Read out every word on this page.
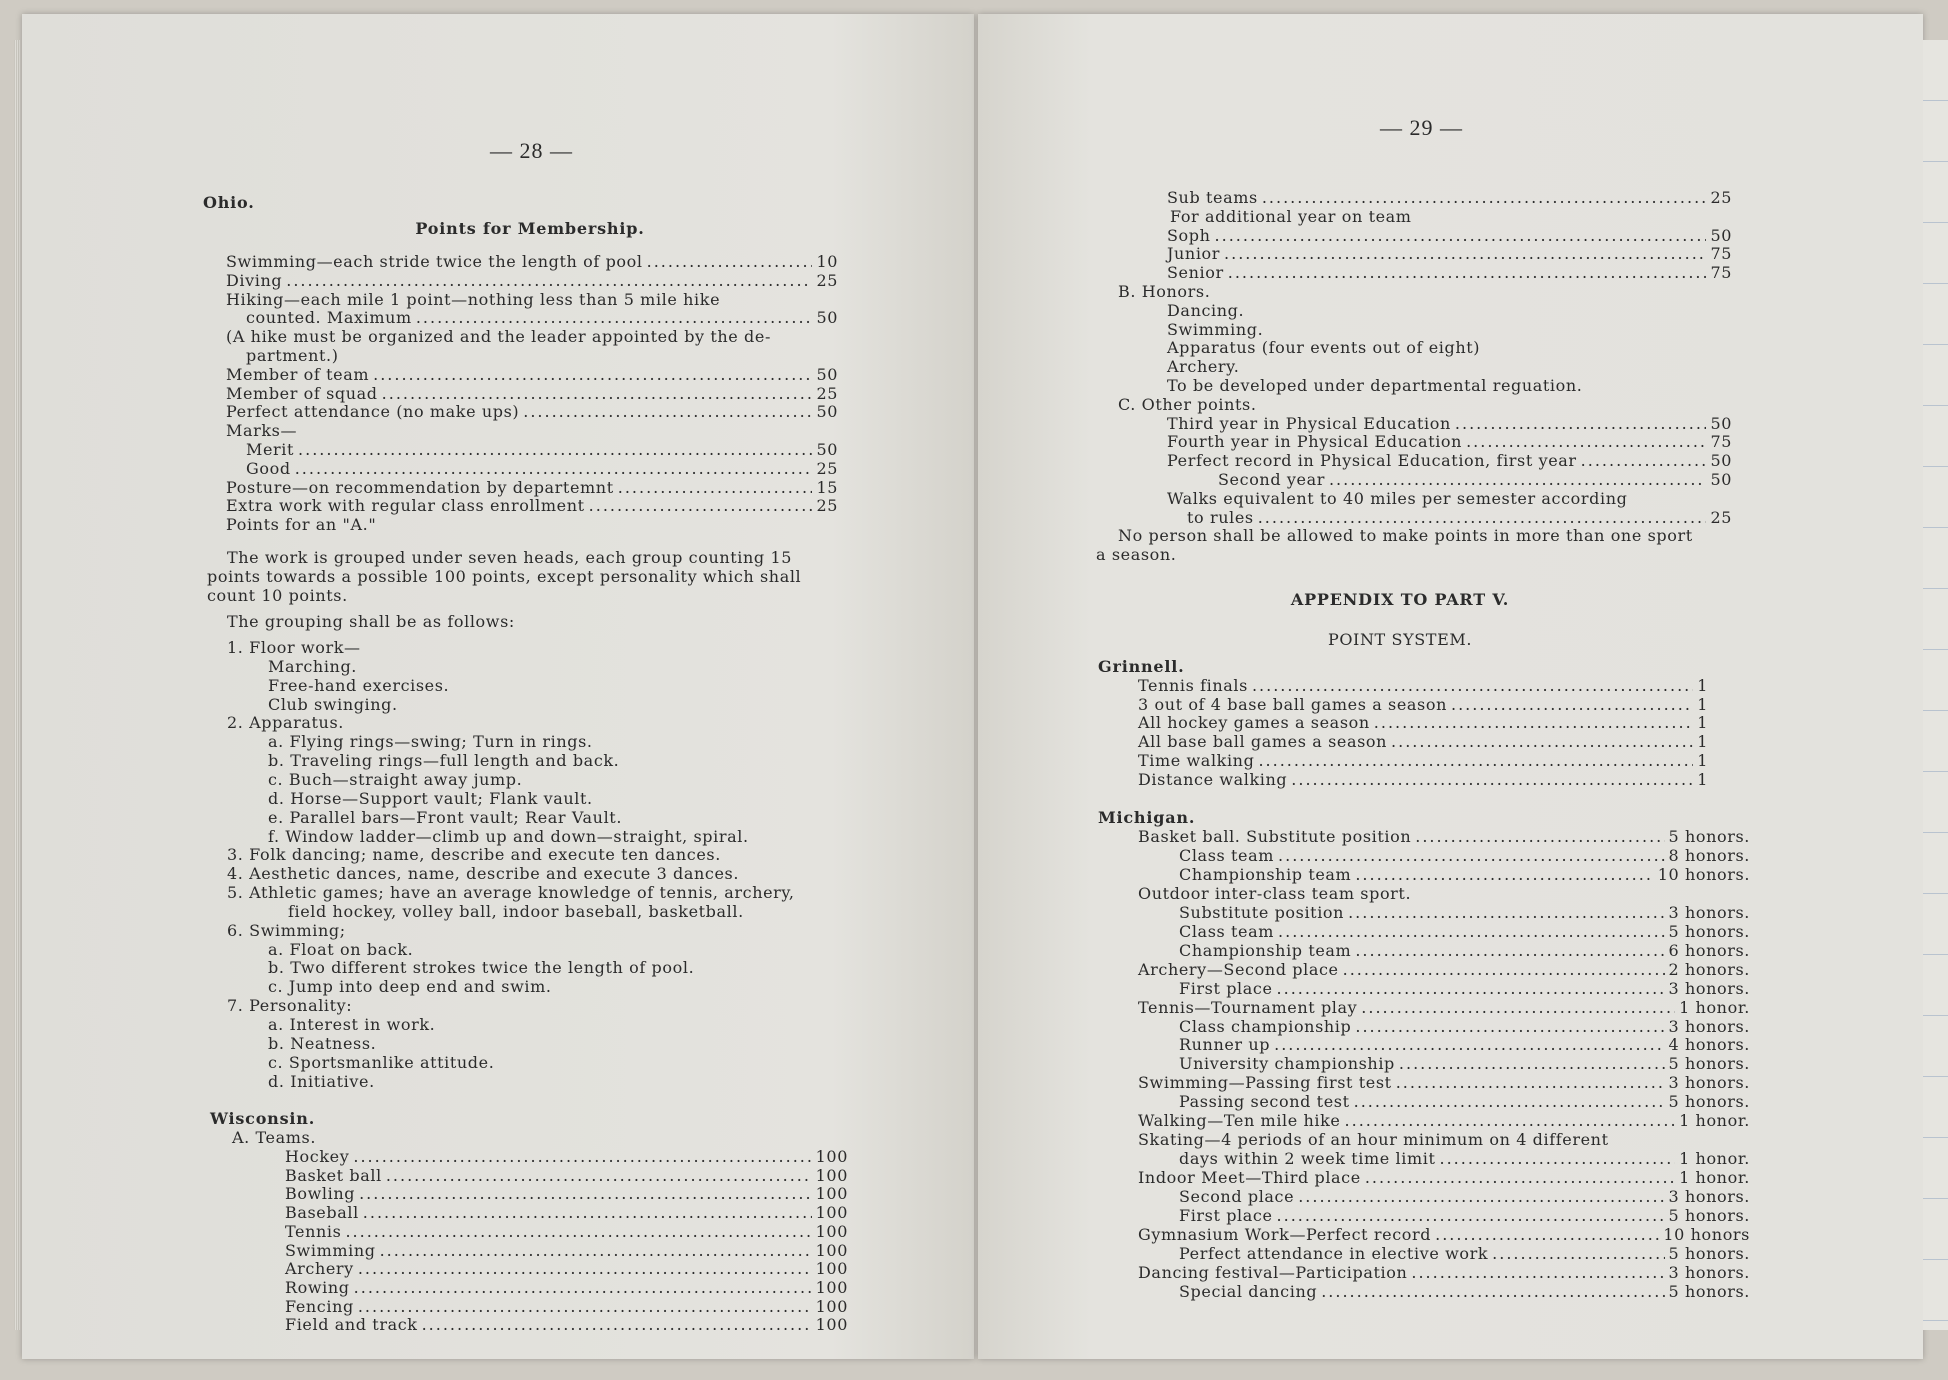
— 28 —
Ohio.
Points for Membership.
Swimming—each stride twice the length of pool .....	10
Diving .....	25
Hiking—each mile 1 point—nothing less than 5 mile hike
counted. Maximum .....	50
(A hike must be organized and the leader appointed by the de-
partment.)
Member of team .....	50
Member of squad .....	25
Perfect attendance (no make ups) .....	50
Marks—
Merit .....	50
Good .....	25
Posture—on recommendation by departemnt .....	15
Extra work with regular class enrollment .....	25
Points for an "A."
The work is grouped under seven heads, each group counting 15
points towards a possible 100 points, except personality which shall
count 10 points.
The grouping shall be as follows:
1. Floor work—
Marching.
Free-hand exercises.
Club swinging.
2. Apparatus.
a. Flying rings—swing; Turn in rings.
b. Traveling rings—full length and back.
c. Buch—straight away jump.
d. Horse—Support vault; Flank vault.
e. Parallel bars—Front vault; Rear Vault.
f. Window ladder—climb up and down—straight, spiral.
3. Folk dancing; name, describe and execute ten dances.
4. Aesthetic dances, name, describe and execute 3 dances.
5. Athletic games; have an average knowledge of tennis, archery,
field hockey, volley ball, indoor baseball, basketball.
6. Swimming;
a. Float on back.
b. Two different strokes twice the length of pool.
c. Jump into deep end and swim.
7. Personality:
a. Interest in work.
b. Neatness.
c. Sportsmanlike attitude.
d. Initiative.
Wisconsin.
A. Teams.
Hockey .....	100
Basket ball .....	100
Bowling .....	100
Baseball .....	100
Tennis .....	100
Swimming .....	100
Archery .....	100
Rowing .....	100
Fencing .....	100
Field and track .....	100
— 29 —
Sub teams .....	25
For additional year on team
Soph .....	50
Junior .....	75
Senior .....	75
B. Honors.
Dancing.
Swimming.
Apparatus (four events out of eight)
Archery.
To be developed under departmental reguation.
C. Other points.
Third year in Physical Education .....	50
Fourth year in Physical Education .....	75
Perfect record in Physical Education, first year .....	50
Second year .....	50
Walks equivalent to 40 miles per semester according
to rules .....	25
No person shall be allowed to make points in more than one sport
a season.
APPENDIX TO PART V.
POINT SYSTEM.
Grinnell.
Tennis finals .....	1
3 out of 4 base ball games a season .....	1
All hockey games a season .....	1
All base ball games a season .....	1
Time walking .....	1
Distance walking .....	1
Michigan.
Basket ball. Substitute position .....	5 honors.
Class team .....	8 honors.
Championship team .....	10 honors.
Outdoor inter-class team sport.
Substitute position .....	3 honors.
Class team .....	5 honors.
Championship team .....	6 honors.
Archery—Second place .....	2 honors.
First place .....	3 honors.
Tennis—Tournament play .....	1 honor.
Class championship .....	3 honors.
Runner up .....	4 honors.
University championship .....	5 honors.
Swimming—Passing first test .....	3 honors.
Passing second test .....	5 honors.
Walking—Ten mile hike .....	1 honor.
Skating—4 periods of an hour minimum on 4 different
days within 2 week time limit .....	1 honor.
Indoor Meet—Third place .....	1 honor.
Second place .....	3 honors.
First place .....	5 honors.
Gymnasium Work—Perfect record .....	10 honors
Perfect attendance in elective work .....	5 honors.
Dancing festival—Participation .....	3 honors.
Special dancing .....	5 honors.
